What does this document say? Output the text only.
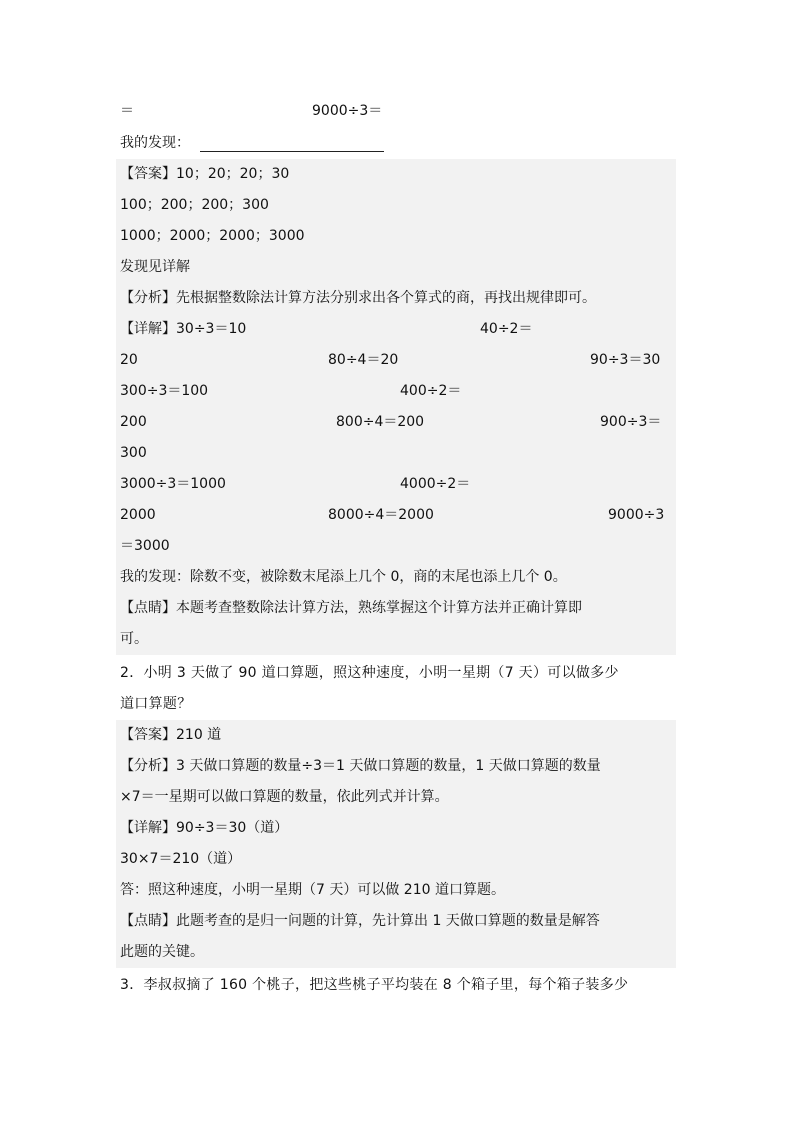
＝	9000÷3＝
我的发现：
【答案】10；20；20；30
100；200；200；300
1000；2000；2000；3000
发现见详解
【分析】先根据整数除法计算方法分别求出各个算式的商，再找出规律即可。
【详解】30÷3＝10	40÷2＝
20	80÷4＝20	90÷3＝30
300÷3＝100	400÷2＝
200	800÷4＝200	900÷3＝
300
3000÷3＝1000	4000÷2＝
2000	8000÷4＝2000	9000÷3
＝3000
我的发现：除数不变，被除数末尾添上几个 0，商的末尾也添上几个 0。
【点睛】本题考查整数除法计算方法，熟练掌握这个计算方法并正确计算即
可。
2．小明 3 天做了 90 道口算题，照这种速度，小明一星期（7 天）可以做多少
道口算题？
【答案】210 道
【分析】3 天做口算题的数量÷3＝1 天做口算题的数量，1 天做口算题的数量
×7＝一星期可以做口算题的数量，依此列式并计算。
【详解】90÷3＝30（道）
30×7＝210（道）
答：照这种速度，小明一星期（7 天）可以做 210 道口算题。
【点睛】此题考查的是归一问题的计算，先计算出 1 天做口算题的数量是解答
此题的关键。
3．李叔叔摘了 160 个桃子，把这些桃子平均装在 8 个箱子里，每个箱子装多少
